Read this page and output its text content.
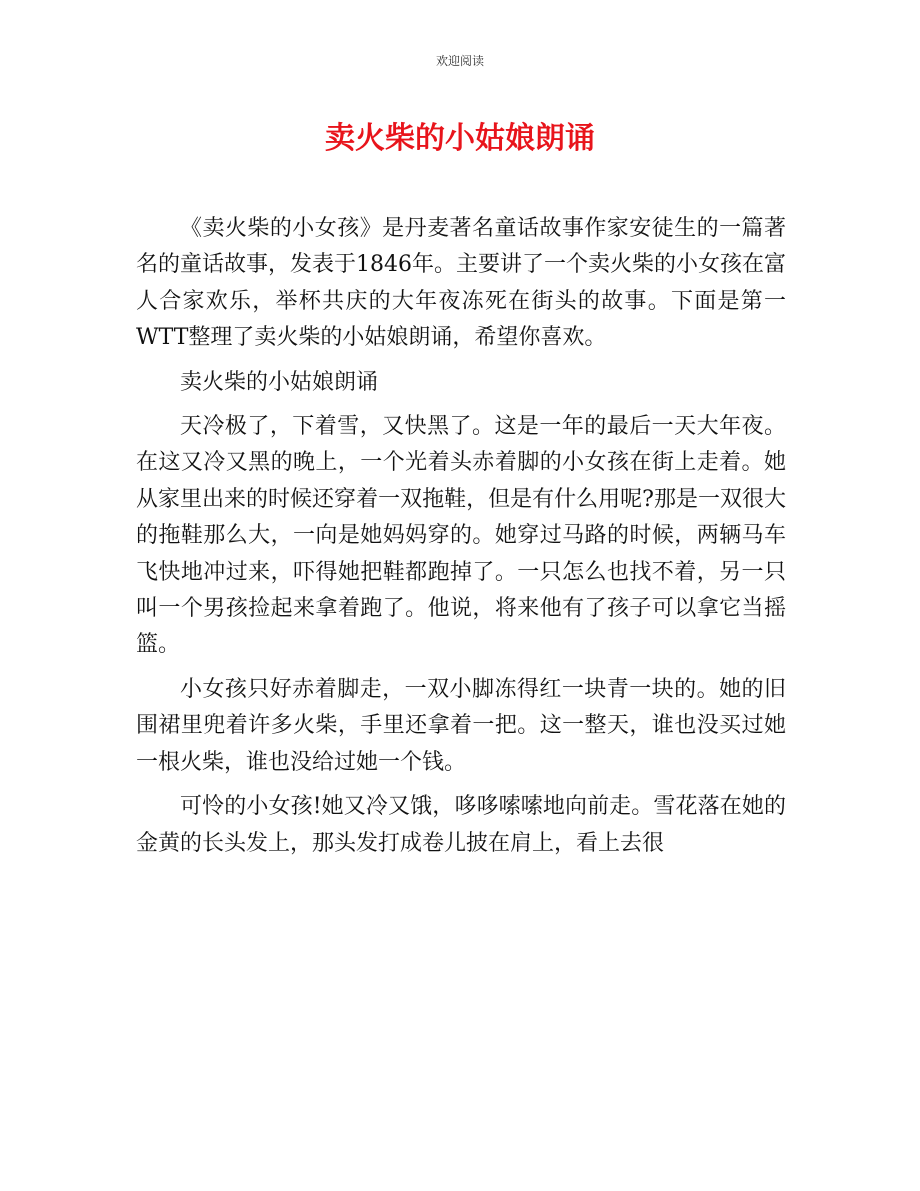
欢迎阅读

卖火柴的小姑娘朗诵

《卖火柴的小女孩》是丹麦著名童话故事作家安徒生的一篇著名的童话故事，发表于1846年。主要讲了一个卖火柴的小女孩在富人合家欢乐，举杯共庆的大年夜冻死在街头的故事。下面是第一WTT整理了卖火柴的小姑娘朗诵，希望你喜欢。

卖火柴的小姑娘朗诵

天冷极了，下着雪，又快黑了。这是一年的最后一天大年夜。在这又冷又黑的晚上，一个光着头赤着脚的小女孩在街上走着。她从家里出来的时候还穿着一双拖鞋，但是有什么用呢?那是一双很大的拖鞋那么大，一向是她妈妈穿的。她穿过马路的时候，两辆马车飞快地冲过来，吓得她把鞋都跑掉了。一只怎么也找不着，另一只叫一个男孩捡起来拿着跑了。他说，将来他有了孩子可以拿它当摇篮。

小女孩只好赤着脚走，一双小脚冻得红一块青一块的。她的旧围裙里兜着许多火柴，手里还拿着一把。这一整天，谁也没买过她一根火柴，谁也没给过她一个钱。

可怜的小女孩!她又冷又饿，哆哆嗦嗦地向前走。雪花落在她的金黄的长头发上，那头发打成卷儿披在肩上，看上去很
